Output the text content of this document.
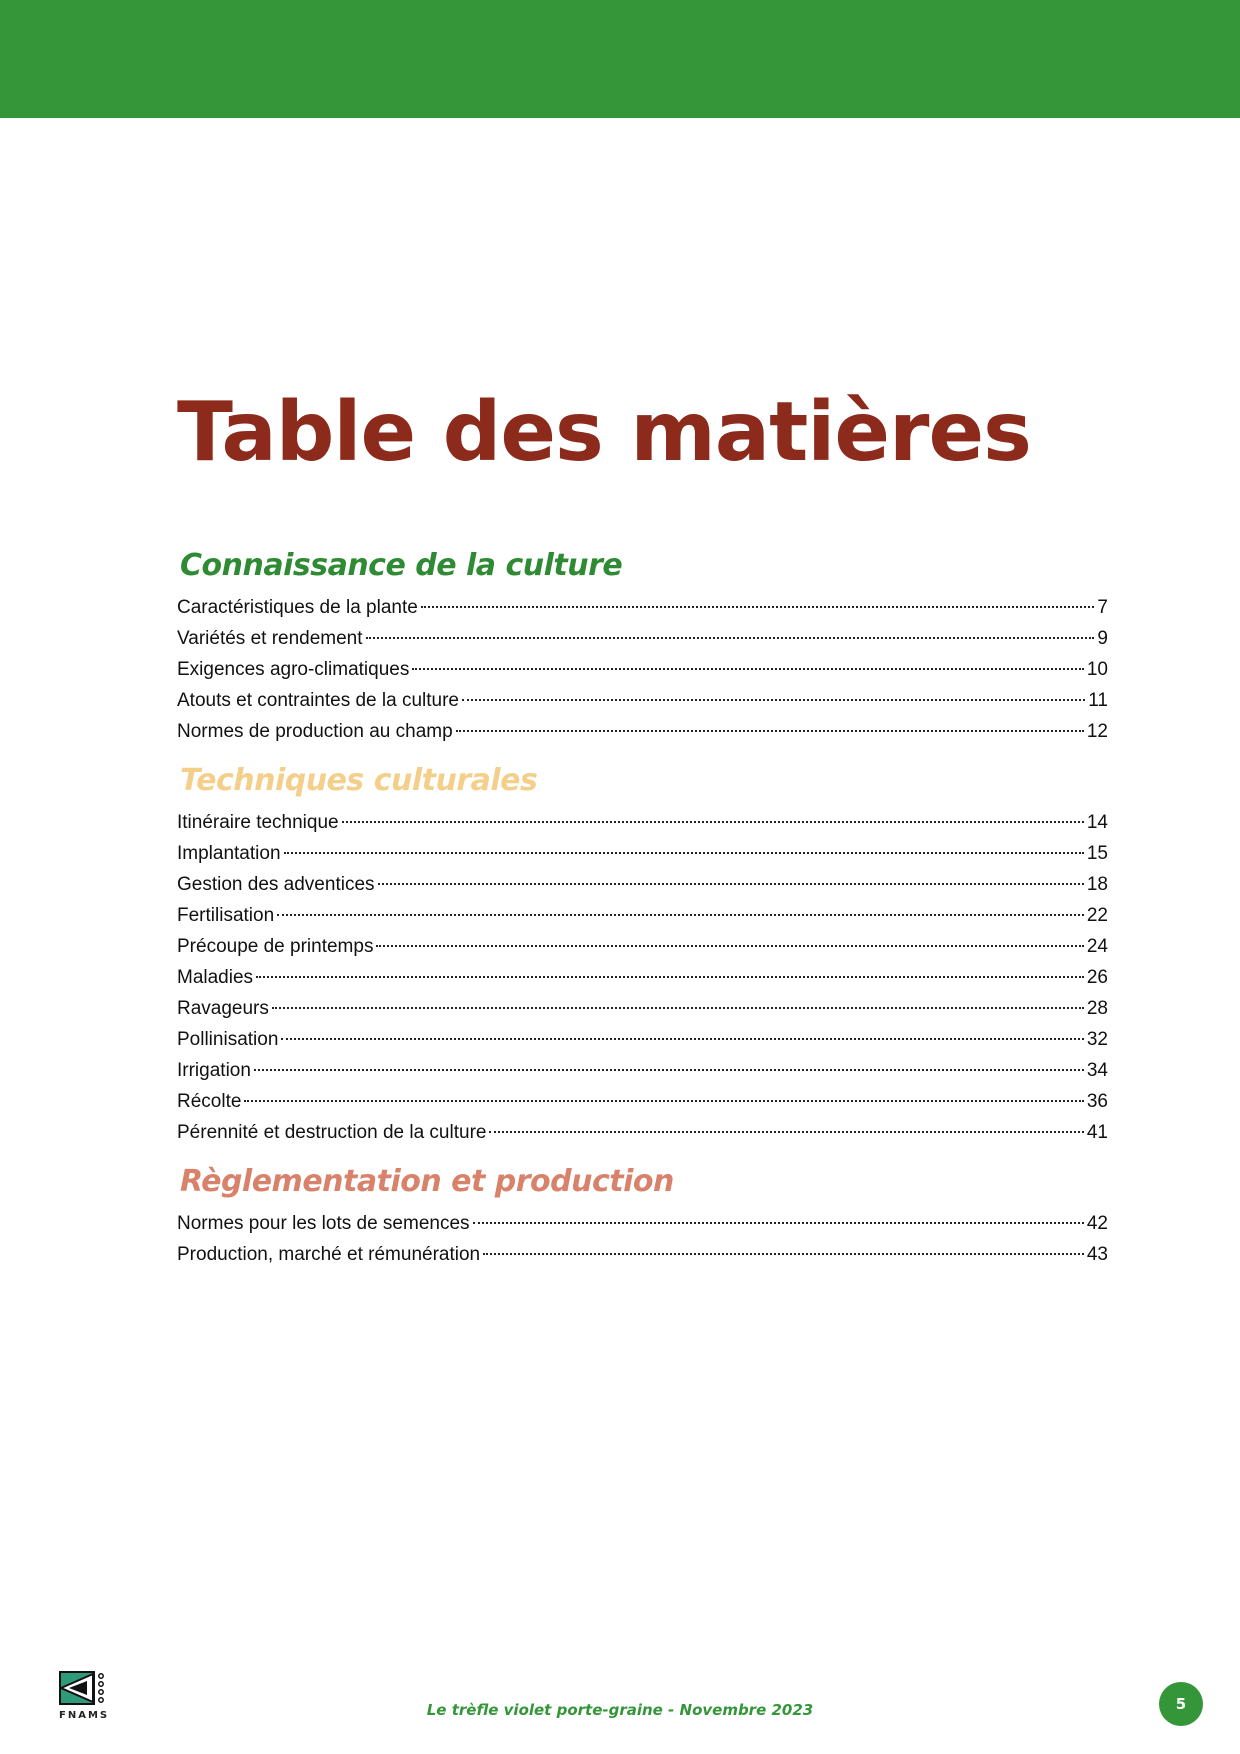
Table des matières
Connaissance de la culture
Caractéristiques de la plante	7
Variétés et rendement	9
Exigences agro-climatiques	10
Atouts et contraintes de la culture	11
Normes de production au champ	12
Techniques culturales
Itinéraire technique	14
Implantation	15
Gestion des adventices	18
Fertilisation	22
Précoupe de printemps	24
Maladies	26
Ravageurs	28
Pollinisation	32
Irrigation	34
Récolte	36
Pérennité et destruction de la culture	41
Règlementation et production
Normes pour les lots de semences	42
Production, marché et rémunération	43
FNAMS	Le trèfle violet porte-graine - Novembre 2023	5
